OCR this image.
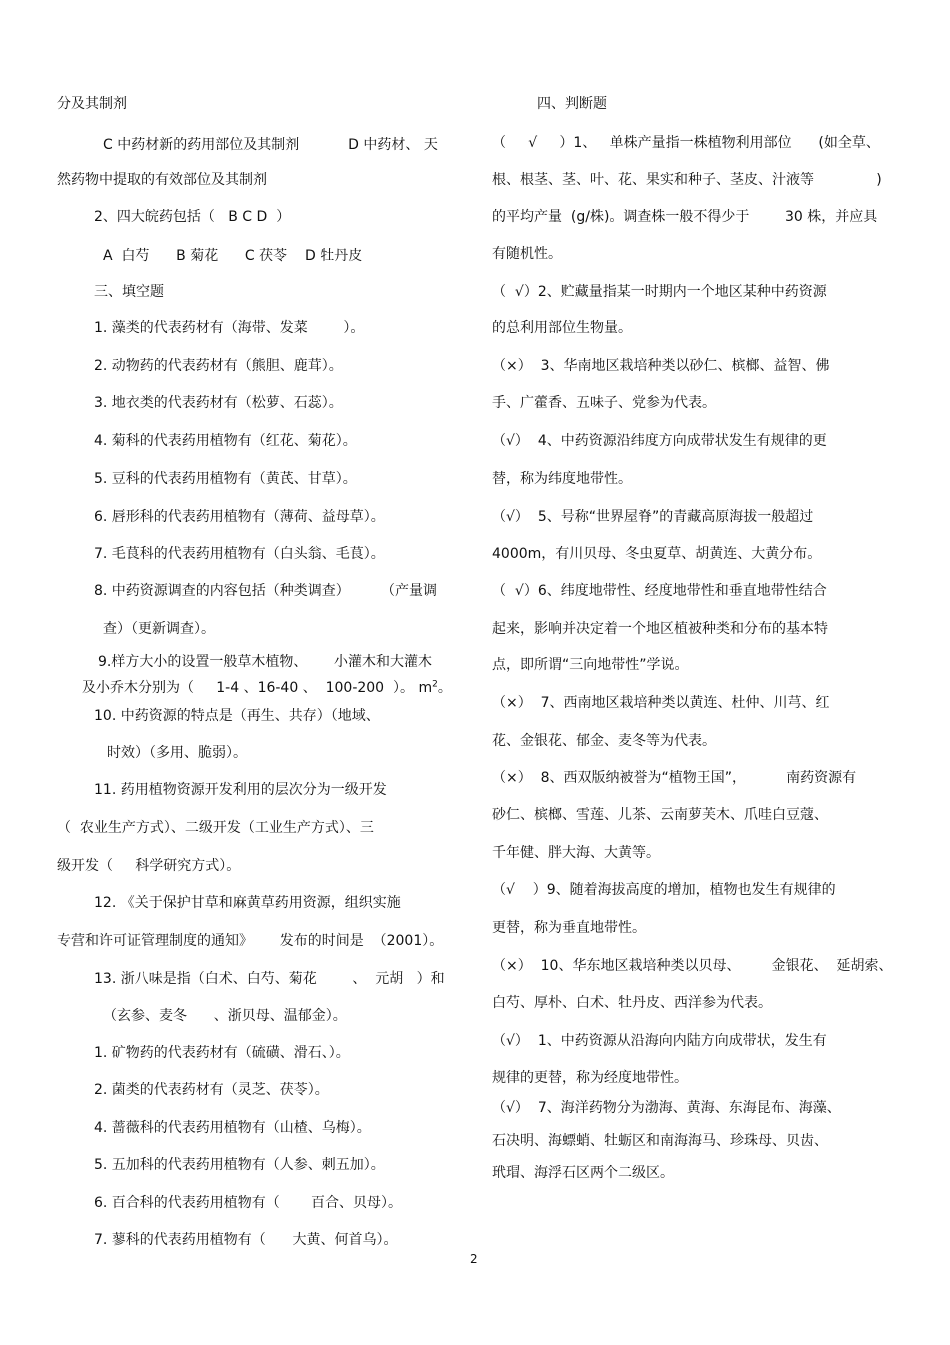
分及其制剂
C 中药材新的药用部位及其制剂           D 中药材、 天
然药物中提取的有效部位及其制剂
2、四大皖药包括（   B C D  ）
A  白芍      B 菊花      C 茯苓    D 牡丹皮
三、填空题
1. 藻类的代表药材有（海带、发菜        ）。
2. 动物药的代表药材有（熊胆、鹿茸）。
3. 地衣类的代表药材有（松萝、石蕊）。
4. 菊科的代表药用植物有（红花、菊花）。
5. 豆科的代表药用植物有（黄芪、甘草）。
6. 唇形科的代表药用植物有（薄荷、益母草）。
7. 毛茛科的代表药用植物有（白头翁、毛茛）。
8. 中药资源调查的内容包括（种类调查）       （产量调
查）（更新调查）。
9.样方大小的设置一般草木植物、      小灌木和大灌木
及小乔木分别为（     1-4 、16-40 、  100-200  ）。 $m^2$。
10. 中药资源的特点是（再生、共存）（地域、
时效）（多用、脆弱）。
11. 药用植物资源开发利用的层次分为一级开发
（  农业生产方式）、二级开发（工业生产方式）、三
级开发（     科学研究方式）。
12. 《关于保护甘草和麻黄草药用资源，组织实施
专营和许可证管理制度的通知》      发布的时间是  （2001）。
13. 浙八味是指（白术、白芍、菊花        、  元胡   ）和
（玄参、麦冬      、浙贝母、温郁金）。
1. 矿物药的代表药材有（硫磺、滑石、）。
2. 菌类的代表药材有（灵芝、茯苓）。
4. 蔷薇科的代表药用植物有（山楂、乌梅）。
5. 五加科的代表药用植物有（人参、刺五加）。
6. 百合科的代表药用植物有（       百合、贝母）。
7. 蓼科的代表药用植物有（      大黄、何首乌）。
四、判断题
（     √     ）1、   单株产量指一株植物利用部位      (如全草、
根、根茎、茎、叶、花、果实和种子、茎皮、汁液等              )
的平均产量  (g/株)。调查株一般不得少于        30 株，并应具
有随机性。
（  √）2、贮藏量指某一时期内一个地区某种中药资源
的总利用部位生物量。
（×）  3、华南地区栽培种类以砂仁、槟榔、益智、佛
手、广藿香、五味子、党参为代表。
（√）  4、中药资源沿纬度方向成带状发生有规律的更
替，称为纬度地带性。
（√）  5、号称“世界屋脊”的青藏高原海拔一般超过
4000m，有川贝母、冬虫夏草、胡黄连、大黄分布。
（  √）6、纬度地带性、经度地带性和垂直地带性结合
起来，影响并决定着一个地区植被种类和分布的基本特
点，即所谓“三向地带性”学说。
（×）  7、西南地区栽培种类以黄连、杜仲、川芎、红
花、金银花、郁金、麦冬等为代表。
（×）  8、西双版纳被誉为“植物王国”，         南药资源有
砂仁、槟榔、雪莲、儿茶、云南萝芙木、爪哇白豆蔻、
千年健、胖大海、大黄等。
（√    ）9、随着海拔高度的增加，植物也发生有规律的
更替，称为垂直地带性。
（×）  10、华东地区栽培种类以贝母、       金银花、  延胡索、
白芍、厚朴、白术、牡丹皮、西洋参为代表。
（√）  1、中药资源从沿海向内陆方向成带状，发生有
规律的更替，称为经度地带性。
（√）  7、海洋药物分为渤海、黄海、东海昆布、海藻、
石决明、海螵蛸、牡蛎区和南海海马、珍珠母、贝齿、
玳瑁、海浮石区两个二级区。
2
